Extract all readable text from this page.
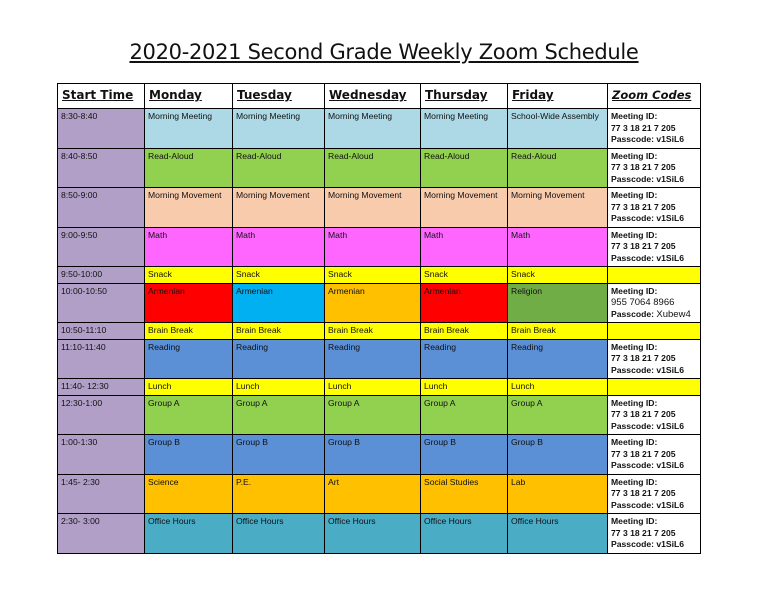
2020-2021 Second Grade Weekly Zoom Schedule
Start Time	Monday	Tuesday	Wednesday	Thursday	Friday	Zoom Codes
8:30-8:40	Morning Meeting	Morning Meeting	Morning Meeting	Morning Meeting	School-Wide Assembly	Meeting ID:
77 3 18 21 7 205
Passcode: v1SiL6

8:40-8:50	Read-Aloud	Read-Aloud	Read-Aloud	Read-Aloud	Read-Aloud	Meeting ID:
77 3 18 21 7 205
Passcode: v1SiL6

8:50-9:00	Morning Movement	Morning Movement	Morning Movement	Morning Movement	Morning Movement	Meeting ID:
77 3 18 21 7 205
Passcode: v1SiL6

9:00-9:50	Math	Math	Math	Math	Math	Meeting ID:
77 3 18 21 7 205
Passcode: v1SiL6

9:50-10:00	Snack	Snack	Snack	Snack	Snack	
10:00-10:50	Armenian	Armenian	Armenian	Armenian	Religion	Meeting ID:
955 7064 8966
Passcode: Xubew4

10:50-11:10	Brain Break	Brain Break	Brain Break	Brain Break	Brain Break	
11:10-11:40	Reading	Reading	Reading	Reading	Reading	Meeting ID:
77 3 18 21 7 205
Passcode: v1SiL6

11:40- 12:30	Lunch	Lunch	Lunch	Lunch	Lunch	
12:30-1:00	Group A	Group A	Group A	Group A	Group A	Meeting ID:
77 3 18 21 7 205
Passcode: v1SiL6

1:00-1:30	Group B	Group B	Group B	Group B	Group B	Meeting ID:
77 3 18 21 7 205
Passcode: v1SiL6

1:45- 2:30	Science	P.E.	Art	Social Studies	Lab	Meeting ID:
77 3 18 21 7 205
Passcode: v1SiL6

2:30- 3:00	Office Hours	Office Hours	Office Hours	Office Hours	Office Hours	Meeting ID:
77 3 18 21 7 205
Passcode: v1SiL6
